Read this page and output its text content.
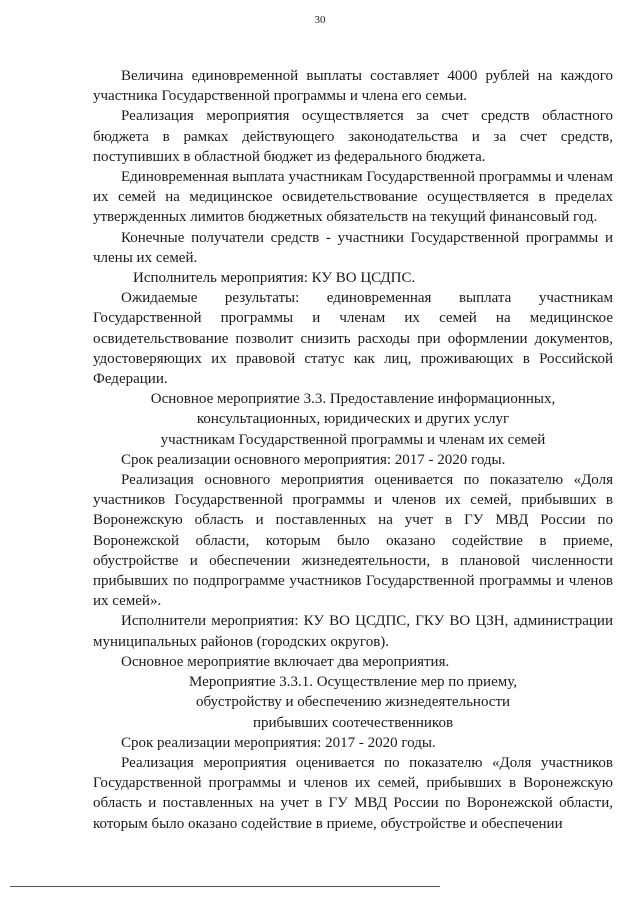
30

Величина единовременной выплаты составляет 4000 рублей на каждого участника Государственной программы и члена его семьи.

Реализация мероприятия осуществляется за счет средств областного бюджета в рамках действующего законодательства и за счет средств, поступивших в областной бюджет из федерального бюджета.

Единовременная выплата участникам Государственной программы и членам их семей на медицинское освидетельствование осуществляется в пределах утвержденных лимитов бюджетных обязательств на текущий финансовый год.

Конечные получатели средств - участники Государственной программы и члены их семей.

Исполнитель мероприятия: КУ ВО ЦСДПС.

Ожидаемые результаты: единовременная выплата участникам Государственной программы и членам их семей на медицинское освидетельствование позволит снизить расходы при оформлении документов, удостоверяющих их правовой статус как лиц, проживающих в Российской Федерации.

Основное мероприятие 3.3. Предоставление информационных,
консультационных, юридических и других услуг
участникам Государственной программы и членам их семей

Срок реализации основного мероприятия: 2017 - 2020 годы.

Реализация основного мероприятия оценивается по показателю «Доля участников Государственной программы и членов их семей, прибывших в Воронежскую область и поставленных на учет в ГУ МВД России по Воронежской области, которым было оказано содействие в приеме, обустройстве и обеспечении жизнедеятельности, в плановой численности прибывших по подпрограмме участников Государственной программы и членов их семей».

Исполнители мероприятия: КУ ВО ЦСДПС, ГКУ ВО ЦЗН, администрации муниципальных районов (городских округов).

Основное мероприятие включает два мероприятия.

Мероприятие 3.3.1. Осуществление мер по приему,
обустройству и обеспечению жизнедеятельности
прибывших соотечественников

Срок реализации мероприятия: 2017 - 2020 годы.

Реализация мероприятия оценивается по показателю «Доля участников Государственной программы и членов их семей, прибывших в Воронежскую область и поставленных на учет в ГУ МВД России по Воронежской области, которым было оказано содействие в приеме, обустройстве и обеспечении
